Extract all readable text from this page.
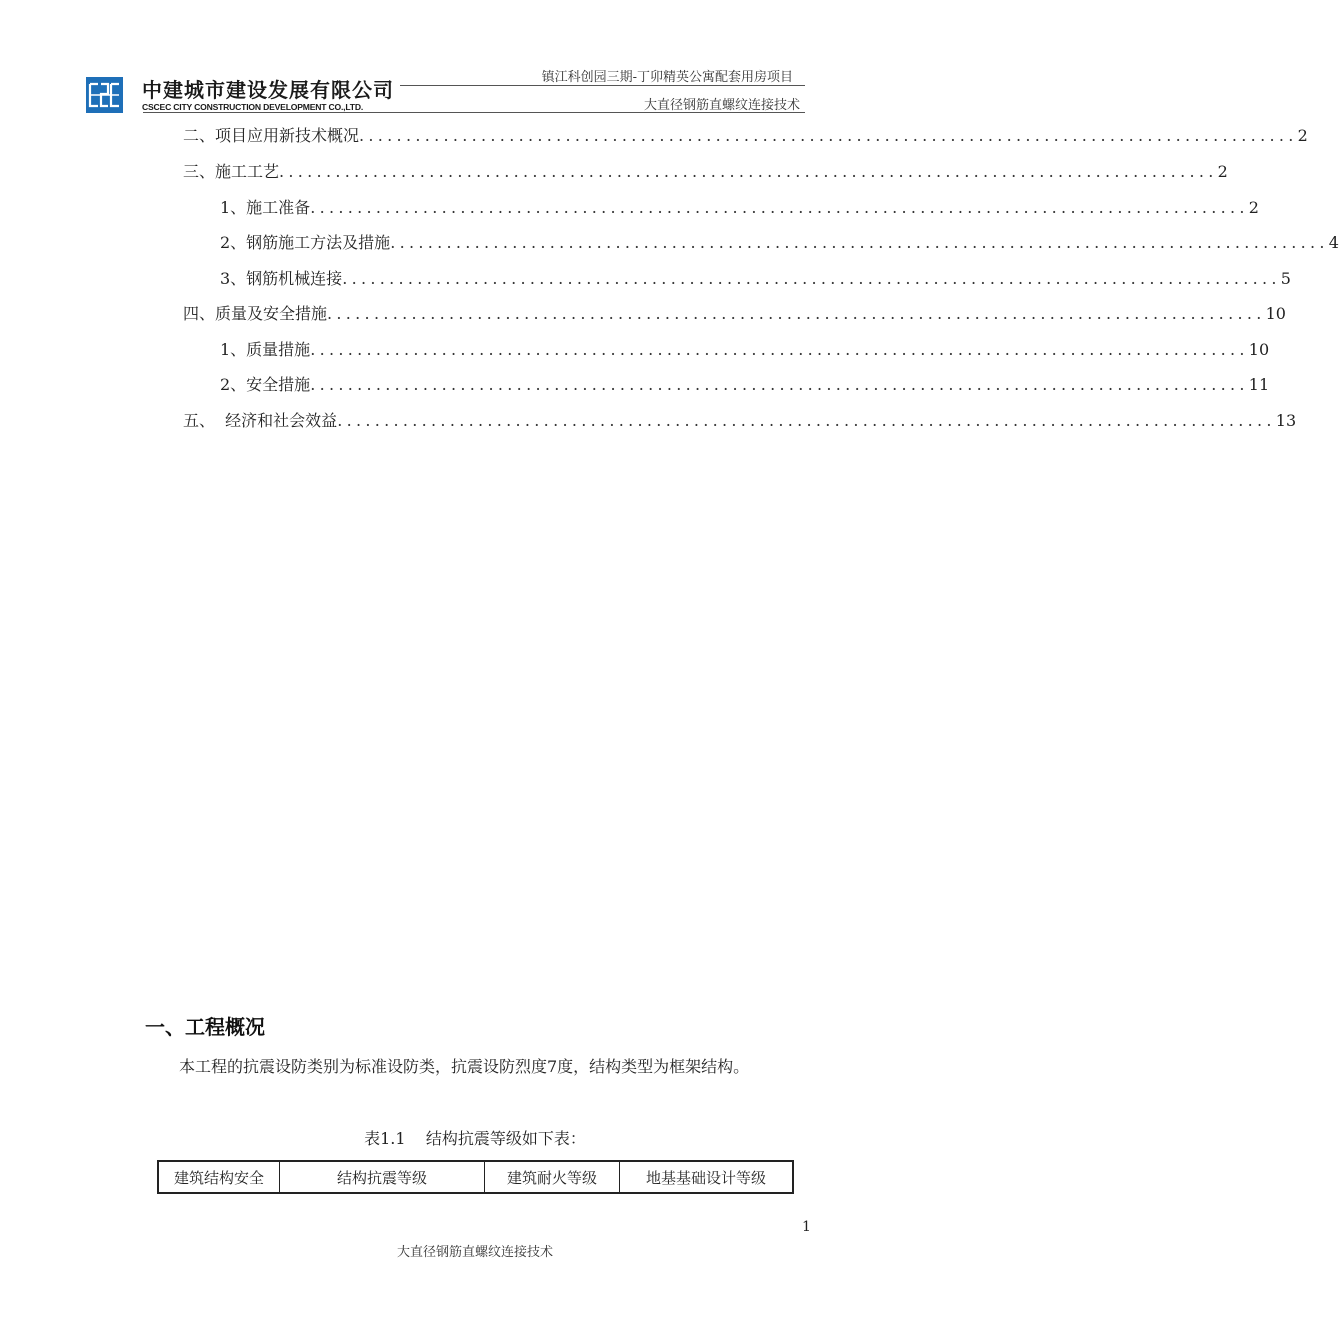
中建城市建设发展有限公司
CSCEC CITY CONSTRUCTION DEVELOPMENT CO.,LTD.
镇江科创园三期-丁卯精英公寓配套用房项目
大直径钢筋直螺纹连接技术
二、项目应用新技术概况 .................................................................................................... 2
三、施工工艺 .................................................................................................... 2
1、施工准备 .................................................................................................... 2
2、钢筋施工方法及措施 .................................................................................................... 4
3、钢筋机械连接 .................................................................................................... 5
四、质量及安全措施 .................................................................................................... 10
1、质量措施 .................................................................................................... 10
2、安全措施 .................................................................................................... 11
五、  经济和社会效益 .................................................................................................... 13
一、工程概况
本工程的抗震设防类别为标准设防类，抗震设防烈度7度，结构类型为框架结构。
表1.1 结构抗震等级如下表：
建筑结构安全	结构抗震等级	建筑耐火等级	地基基础设计等级
1
大直径钢筋直螺纹连接技术
